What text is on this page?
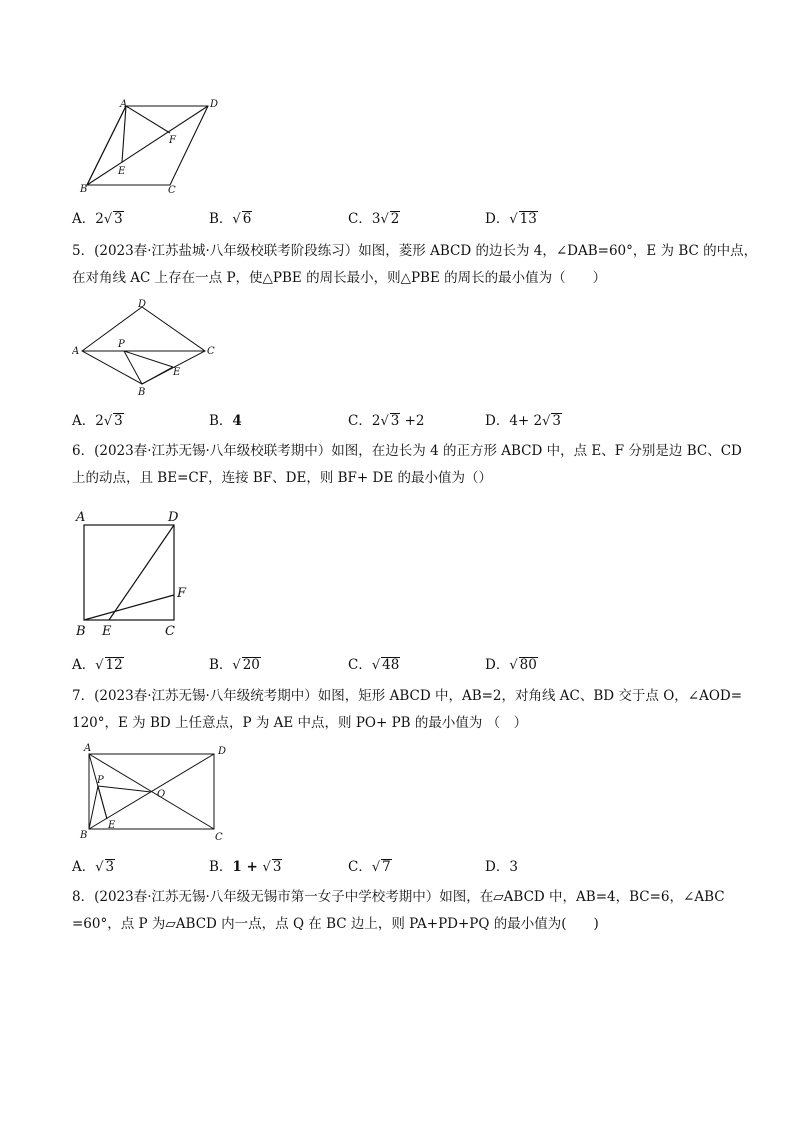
A	D
B	C
E
F
A．2√ 3	B．√ 6	C．3√ 2	D．√ 13

5．(2023春·江苏盐城·八年级校联考阶段练习）如图，菱形 ABCD 的边长为 4，∠DAB=60°，E 为 BC 的中点，

在对角线 AC 上存在一点 P，使△PBE 的周长最小，则△PBE 的周长的最小值为（　　）

A
D
C
B
E
P
A．2√ 3	B．4	C．2√ 3 +2	D．4+ 2√ 3

6．(2023春·江苏无锡·八年级校联考期中）如图，在边长为 4 的正方形 ABCD 中，点 E、F 分别是边 BC、CD

上的动点，且 BE=CF，连接 BF、DE，则 BF+ DE 的最小值为（）

A	D
B E	C
F
A．√ 12	B．√ 20	C．√ 48	D．√ 80

7．(2023春·江苏无锡·八年级统考期中）如图，矩形 ABCD 中，AB=2，对角线 AC、BD 交于点 O，∠AOD=

120°，E 为 BD 上任意点，P 为 AE 中点，则 PO+ PB 的最小值为 （　）

A	D
B	C
E
O
P
A．√ 3	B．1 + √ 3	C．√ 7	D．3

8．(2023春·江苏无锡·八年级无锡市第一女子中学校考期中）如图，在▱ABCD 中，AB=4，BC=6，∠ABC

=60°，点 P 为▱ABCD 内一点，点 Q 在 BC 边上，则 PA+PD+PQ 的最小值为(　　)
